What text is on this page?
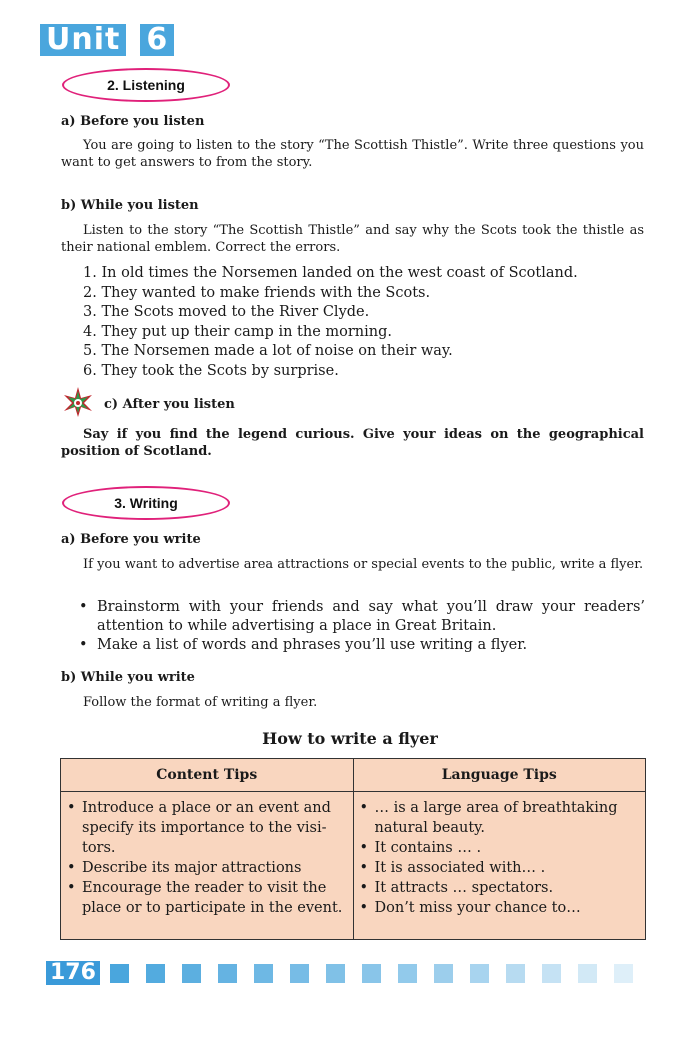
Unit 6
2. Listening
a) Before you listen
You are going to listen to the story “The Scottish Thistle”. Write three questions you want to get answers to from the story.
b) While you listen
Listen to the story “The Scottish Thistle” and say why the Scots took the thistle as their national emblem. Correct the errors.
1. In old times the Norsemen landed on the west coast of Scotland.
2. They wanted to make friends with the Scots.
3. The Scots moved to the River Clyde.
4. They put up their camp in the morning.
5. The Norsemen made a lot of noise on their way.
6. They took the Scots by surprise.
c) After you listen
Say if you find the legend curious. Give your ideas on the geographical position of Scotland.
3. Writing
a) Before you write
If you want to advertise area attractions or special events to the public, write a flyer.
• Brainstorm with your friends and say what you’ll draw your readers’ attention to while advertising a place in Great Britain.
• Make a list of words and phrases you’ll use writing a flyer.
b) While you write
Follow the format of writing a flyer.
How to write a flyer
Content Tips
• Introduce a place or an event and specify its importance to the visitors.
• Describe its major attractions
• Encourage the reader to visit the place or to participate in the event.
Language Tips
• … is a large area of breathtaking natural beauty.
• It contains … .
• It is associated with… .
• It attracts … spectators.
• Don’t miss your chance to…
176
